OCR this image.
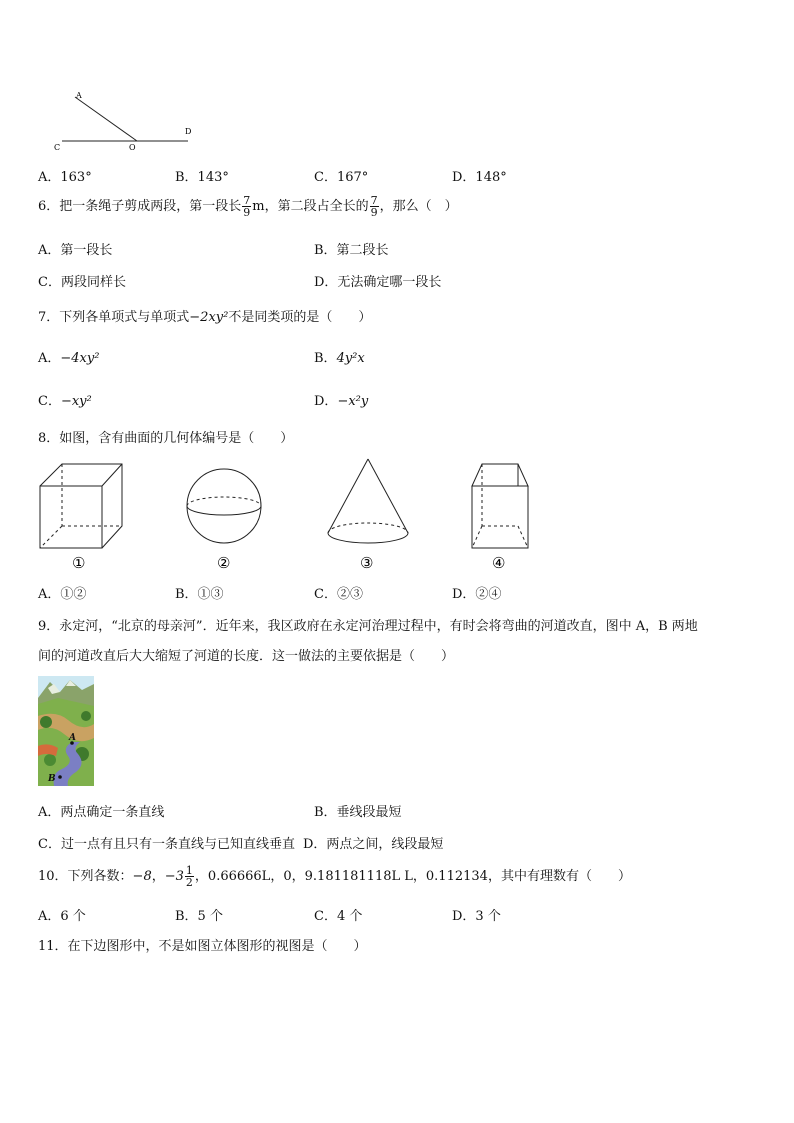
A
O
C
D
A．163°	B．143°	C．167°	D．148°
6．把一条绳子剪成两段，第一段长 $\frac{7}{9}$ m，第二段占全长的 $\frac{7}{9}$ ，那么（　）
A．第一段长	B．第二段长
C．两段同样长	D．无法确定哪一段长
7．下列各单项式与单项式−2xy²不是同类项的是（　　）
A．−4xy²	B．4y²x
C．−xy²	D．−x²y
8．如图，含有曲面的几何体编号是（　　）
①	②	③	④
A．①②	B．①③	C．②③	D．②④
9．永定河，“北京的母亲河”．近年来，我区政府在永定河治理过程中，有时会将弯曲的河道改直，图中 A，B 两地
间的河道改直后大大缩短了河道的长度．这一做法的主要依据是（　　）
A
B
A．两点确定一条直线	B．垂线段最短
C．过一点有且只有一条直线与已知直线垂直 D．两点之间，线段最短
10．下列各数：−8，$-3 \frac{1}{2}$ ，0.66666L，0，9.181181118L L，0.112134，其中有理数有（　　）
A．6 个	B．5 个	C．4 个	D．3 个
11．在下边图形中，不是如图立体图形的视图是（　　）
